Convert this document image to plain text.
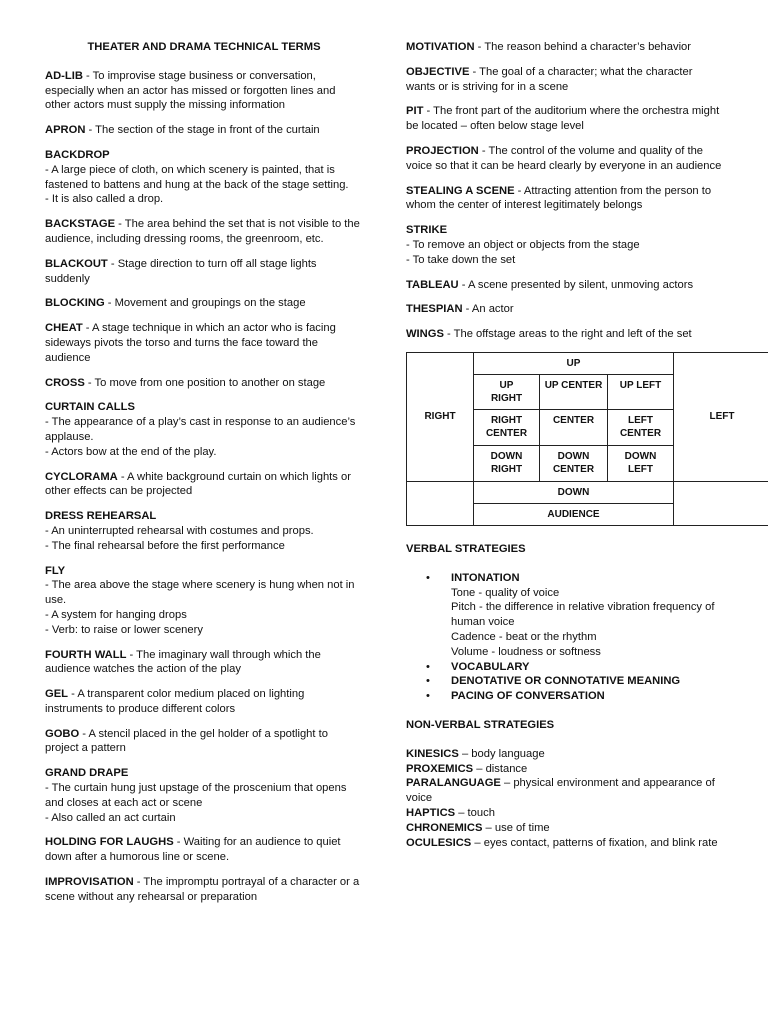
THEATER AND DRAMA TECHNICAL TERMS
AD-LIB - To improvise stage business or conversation, especially when an actor has missed or forgotten lines and other actors must supply the missing information
APRON - The section of the stage in front of the curtain
BACKDROP
- A large piece of cloth, on which scenery is painted, that is fastened to battens and hung at the back of the stage setting.
- It is also called a drop.
BACKSTAGE - The area behind the set that is not visible to the audience, including dressing rooms, the greenroom, etc.
BLACKOUT - Stage direction to turn off all stage lights suddenly
BLOCKING - Movement and groupings on the stage
CHEAT - A stage technique in which an actor who is facing sideways pivots the torso and turns the face toward the audience
CROSS - To move from one position to another on stage
CURTAIN CALLS
- The appearance of a play’s cast in response to an audience’s applause.
- Actors bow at the end of the play.
CYCLORAMA - A white background curtain on which lights or other effects can be projected
DRESS REHEARSAL
- An uninterrupted rehearsal with costumes and props.
- The final rehearsal before the first performance
FLY
- The area above the stage where scenery is hung when not in use.
- A system for hanging drops
- Verb: to raise or lower scenery
FOURTH WALL - The imaginary wall through which the audience watches the action of the play
GEL - A transparent color medium placed on lighting instruments to produce different colors
GOBO - A stencil placed in the gel holder of a spotlight to project a pattern
GRAND DRAPE
- The curtain hung just upstage of the proscenium that opens and closes at each act or scene
- Also called an act curtain
HOLDING FOR LAUGHS - Waiting for an audience to quiet down after a humorous line or scene.
IMPROVISATION - The impromptu portrayal of a character or a scene without any rehearsal or preparation
MOTIVATION - The reason behind a character’s behavior
OBJECTIVE - The goal of a character; what the character wants or is striving for in a scene
PIT - The front part of the auditorium where the orchestra might be located – often below stage level
PROJECTION - The control of the volume and quality of the voice so that it can be heard clearly by everyone in an audience
STEALING A SCENE - Attracting attention from the person to whom the center of interest legitimately belongs
STRIKE
- To remove an object or objects from the stage
- To take down the set
TABLEAU - A scene presented by silent, unmoving actors
THESPIAN - An actor
WINGS - The offstage areas to the right and left of the set
RIGHT	UP			LEFT
	UP RIGHT	UP CENTER	UP LEFT	
	RIGHT CENTER	CENTER	LEFT CENTER	
	DOWN RIGHT	DOWN CENTER	DOWN LEFT	
	DOWN			
	AUDIENCE			
VERBAL STRATEGIES
• INTONATION
Tone - quality of voice
Pitch - the difference in relative vibration frequency of human voice
Cadence - beat or the rhythm
Volume - loudness or softness
• VOCABULARY
• DENOTATIVE OR CONNOTATIVE MEANING
• PACING OF CONVERSATION
NON-VERBAL STRATEGIES
KINESICS – body language
PROXEMICS – distance
PARALANGUAGE – physical environment and appearance of voice
HAPTICS – touch
CHRONEMICS – use of time
OCULESICS – eyes contact, patterns of fixation, and blink rate
